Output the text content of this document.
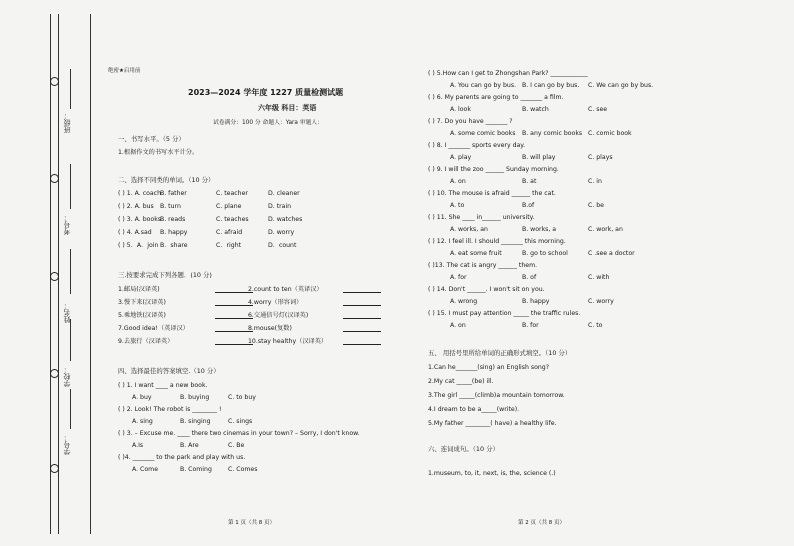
班级：
考号：
姓名：
学校：
学号：
绝密★启用前
2023—2024 学年度 1227 质量检测试题
六年级 科目：英语
试卷满分：100 分 命题人：Yara 审题人：
一、书写水平。（5 分）
1.根据作文的书写水平计分。
二、选择不同类的单词。（10 分）
( ) 1. A. coach B. father	C. teacher	D. cleaner
( ) 2. A. bus B. turn	C. plane	D. train
( ) 3. A. books B. reads	C. teaches	D. watches
( ) 4. A.sad B. happy	C. afraid	D. worry
( ) 5．A．join B．share	C．right	D．count
三.按要求完成下列各题．(10 分)
1.邮局(汉译英)	2.count to ten（英译汉）
3.慢下来(汉译英)	4.worry（形容词）
5.乘地铁(汉译英)	6.交通信号灯(汉译英)
7.Good idea!（英译汉）	8.mouse(复数)
9.去旅行（汉译英）	10.stay healthy（汉译英）
四、选择最佳的答案填空.（10 分）
( ) 1. I want ____ a new book.
A. buy	B. buying	C. to buy
( ) 2. Look! The robot is ________ !
A. sing	B. singing	C. sings
( ) 3. – Excuse me. ____ there two cinemas in your town? – Sorry, I don't know.
A.Is	B. Are	C. Be
( )4. _______ to the park and play with us.
A. Come	B. Coming	C. Comes
第 1 页（共 8 页）
( ) 5.How can I get to Zhongshan Park? ____________
A. You can go by bus. B. I can go by bus. C. We can go by bus.
( ) 6. My parents are going to _______ a film.
A. look	B. watch	C. see
( ) 7. Do you have _______ ?
A. some comic books B. any comic books C. comic book
( ) 8. I _______ sports every day.
A. play	B. will play	C. plays
( ) 9. I will the zoo ______ Sunday morning.
A. on	B. at	C. in
( ) 10. The mouse is afraid ______ the cat.
A. to	B.of	C. be
( ) 11. She ____ in______ university.
A. works, an	B. works, a	C. work, an
( ) 12. I feel ill. I should _______ this morning.
A. eat some fruit	B. go to school	C .see a doctor
( )13. The cat is angry ______ them.
A. for	B. of	C. with
( ) 14. Don't ______. I won't sit on you.
A. wrong	B. happy	C. worry
( ) 15. I must pay attention _____ the traffic rules.
A. on	B. for	C. to
五、 用括号里所给单词的正确形式填空。（10 分）
1.Can he_______(sing) an English song?
2.My cat _____(be) ill.
3.The girl _____(climb)a mountain tomorrow.
4.I dream to be a_____(write).
5.My father ________( have) a healthy life.
六、连词成句。（10 分）
1.museum, to, it, next, is, the, science (.)
第 2 页（共 8 页）
